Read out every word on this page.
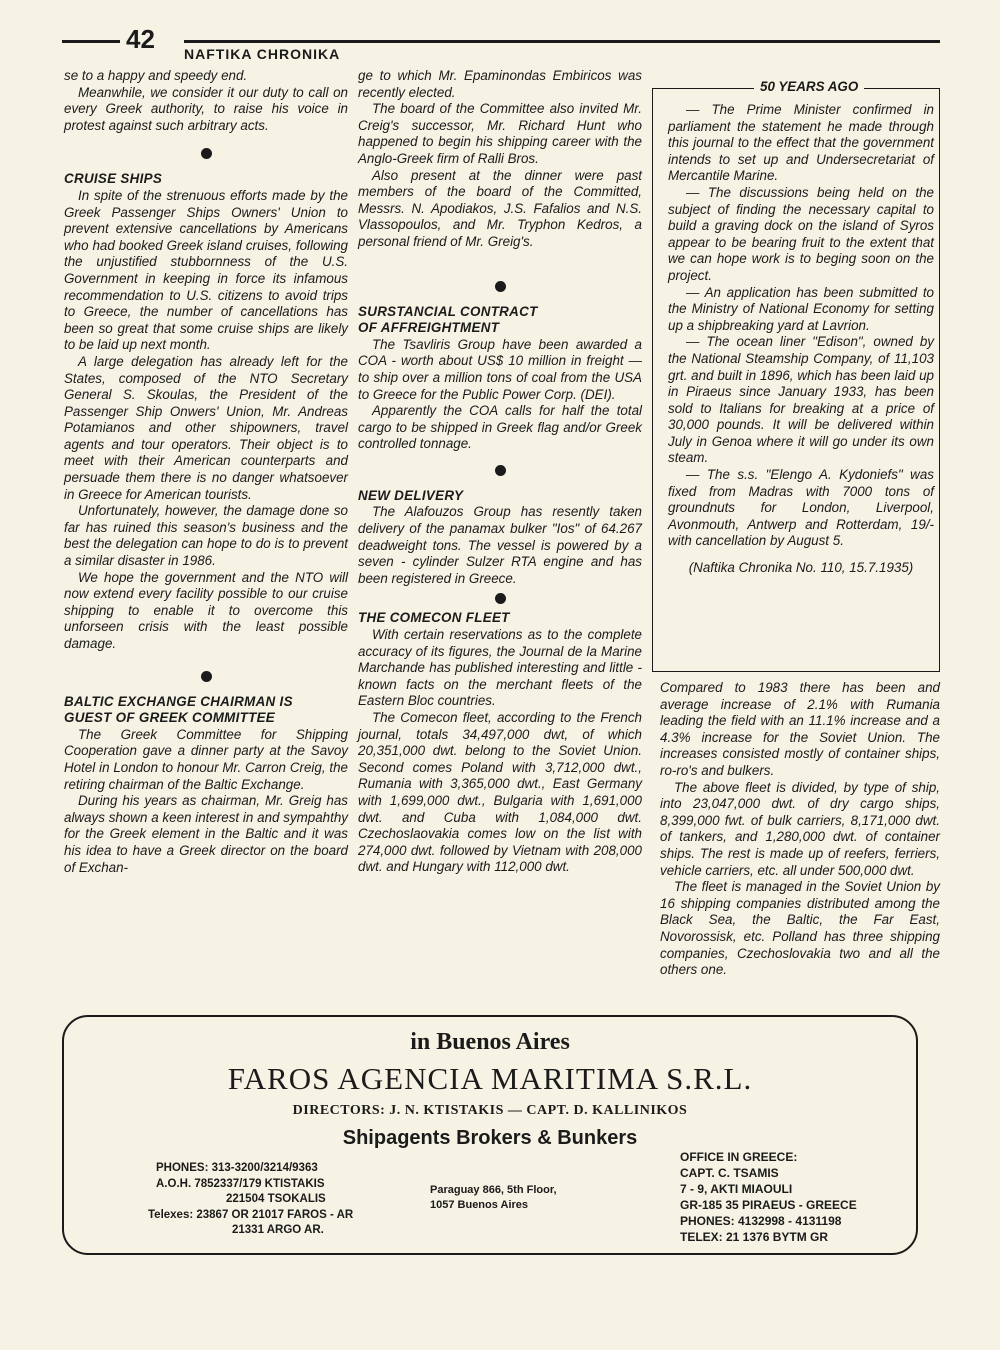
42 NAFTIKA CHRONIKA

se to a happy and speedy end.

Meanwhile, we consider it our duty to call on every Greek authority, to raise his voice in protest against such arbitrary acts.

CRUISE SHIPS

In spite of the strenuous efforts made by the Greek Passenger Ships Owners' Union to prevent extensive cancellations by Americans who had booked Greek island cruises, following the unjustified stubbornness of the U.S. Government in keeping in force its infamous recommendation to U.S. citizens to avoid trips to Greece, the number of cancellations has been so great that some cruise ships are likely to be laid up next month.

A large delegation has already left for the States, composed of the NTO Secretary General S. Skoulas, the President of the Passenger Ship Onwers' Union, Mr. Andreas Potamianos and other shipowners, travel agents and tour operators. Their object is to meet with their American counterparts and persuade them there is no danger whatsoever in Greece for American tourists.

Unfortunately, however, the damage done so far has ruined this season's business and the best the delegation can hope to do is to prevent a similar disaster in 1986.

We hope the government and the NTO will now extend every facility possible to our cruise shipping to enable it to overcome this unforseen crisis with the least possible damage.

BALTIC EXCHANGE CHAIRMAN IS

GUEST OF GREEK COMMITTEE

The Greek Committee for Shipping Cooperation gave a dinner party at the Savoy Hotel in London to honour Mr. Carron Creig, the retiring chairman of the Baltic Exchange.

During his years as chairman, Mr. Greig has always shown a keen interest in and sympahthy for the Greek element in the Baltic and it was his idea to have a Greek director on the board of Exchan-

ge to which Mr. Epaminondas Embiricos was recently elected.

The board of the Committee also invited Mr. Creig's successor, Mr. Richard Hunt who happened to begin his shipping career with the Anglo-Greek firm of Ralli Bros.

Also present at the dinner were past members of the board of the Committed, Messrs. N. Apodiakos, J.S. Fafalios and N.S. Vlassopoulos, and Mr. Tryphon Kedros, a personal friend of Mr. Greig's.

SURSTANCIAL CONTRACT

OF AFFREIGHTMENT

The Tsavliris Group have been awarded a COA - worth about US$ 10 million in freight — to ship over a million tons of coal from the USA to Greece for the Public Power Corp. (DEI).

Apparently the COA calls for half the total cargo to be shipped in Greek flag and/or Greek controlled tonnage.

NEW DELIVERY

The Alafouzos Group has resently taken delivery of the panamax bulker "Ios" of 64.267 deadweight tons. The vessel is powered by a seven - cylinder Sulzer RTA engine and has been registered in Greece.

THE COMECON FLEET

With certain reservations as to the complete accuracy of its figures, the Journal de la Marine Marchande has published interesting and little - known facts on the merchant fleets of the Eastern Bloc countries.

The Comecon fleet, according to the French journal, totals 34,497,000 dwt, of which 20,351,000 dwt. belong to the Soviet Union. Second comes Poland with 3,712,000 dwt., Rumania with 3,365,000 dwt., East Germany with 1,699,000 dwt., Bulgaria with 1,691,000 dwt. and Cuba with 1,084,000 dwt. Czechoslaovakia comes low on the list with 274,000 dwt. followed by Vietnam with 208,000 dwt. and Hungary with 112,000 dwt.

50 YEARS AGO

— The Prime Minister confirmed in parliament the statement he made through this journal to the effect that the government intends to set up and Undersecretariat of Mercantile Marine.

— The discussions being held on the subject of finding the necessary capital to build a graving dock on the island of Syros appear to be bearing fruit to the extent that we can hope work is to beging soon on the project.

— An application has been submitted to the Ministry of National Economy for setting up a shipbreaking yard at Lavrion.

— The ocean liner "Edison", owned by the National Steamship Company, of 11,103 grt. and built in 1896, which has been laid up in Piraeus since January 1933, has been sold to Italians for breaking at a price of 30,000 pounds. It will be delivered within July in Genoa where it will go under its own steam.

— The s.s. "Elengo A. Kydoniefs" was fixed from Madras with 7000 tons of groundnuts for London, Liverpool, Avonmouth, Antwerp and Rotterdam, 19/- with cancellation by August 5.

(Naftika Chronika No. 110, 15.7.1935)

Compared to 1983 there has been and average increase of 2.1% with Rumania leading the field with an 11.1% increase and a 4.3% increase for the Soviet Union. The increases consisted mostly of container ships, ro-ro's and bulkers.

The above fleet is divided, by type of ship, into 23,047,000 dwt. of dry cargo ships, 8,399,000 fwt. of bulk carriers, 8,171,000 dwt. of tankers, and 1,280,000 dwt. of container ships. The rest is made up of reefers, ferriers, vehicle carriers, etc. all under 500,000 dwt.

The fleet is managed in the Soviet Union by 16 shipping companies distributed among the Black Sea, the Baltic, the Far East, Novorossisk, etc. Polland has three shipping companies, Czechoslovakia two and all the others one.

in Buenos Aires
FAROS AGENCIA MARITIMA S.R.L.
DIRECTORS: J. N. KTISTAKIS — CAPT. D. KALLINIKOS
Shipagents Brokers & Bunkers
PHONES: 313-3200/3214/9363
A.O.H. 7852337/179 KTISTAKIS
221504 TSOKALIS
Telexes: 23867 OR 21017 FAROS - AR
21331 ARGO AR.
Paraguay 866, 5th Floor,
1057 Buenos Aires
OFFICE IN GREECE:
CAPT. C. TSAMIS
7 - 9, AKTI MIAOULI
GR-185 35 PIRAEUS - GREECE
PHONES: 4132998 - 4131198
TELEX: 21 1376 BYTM GR
